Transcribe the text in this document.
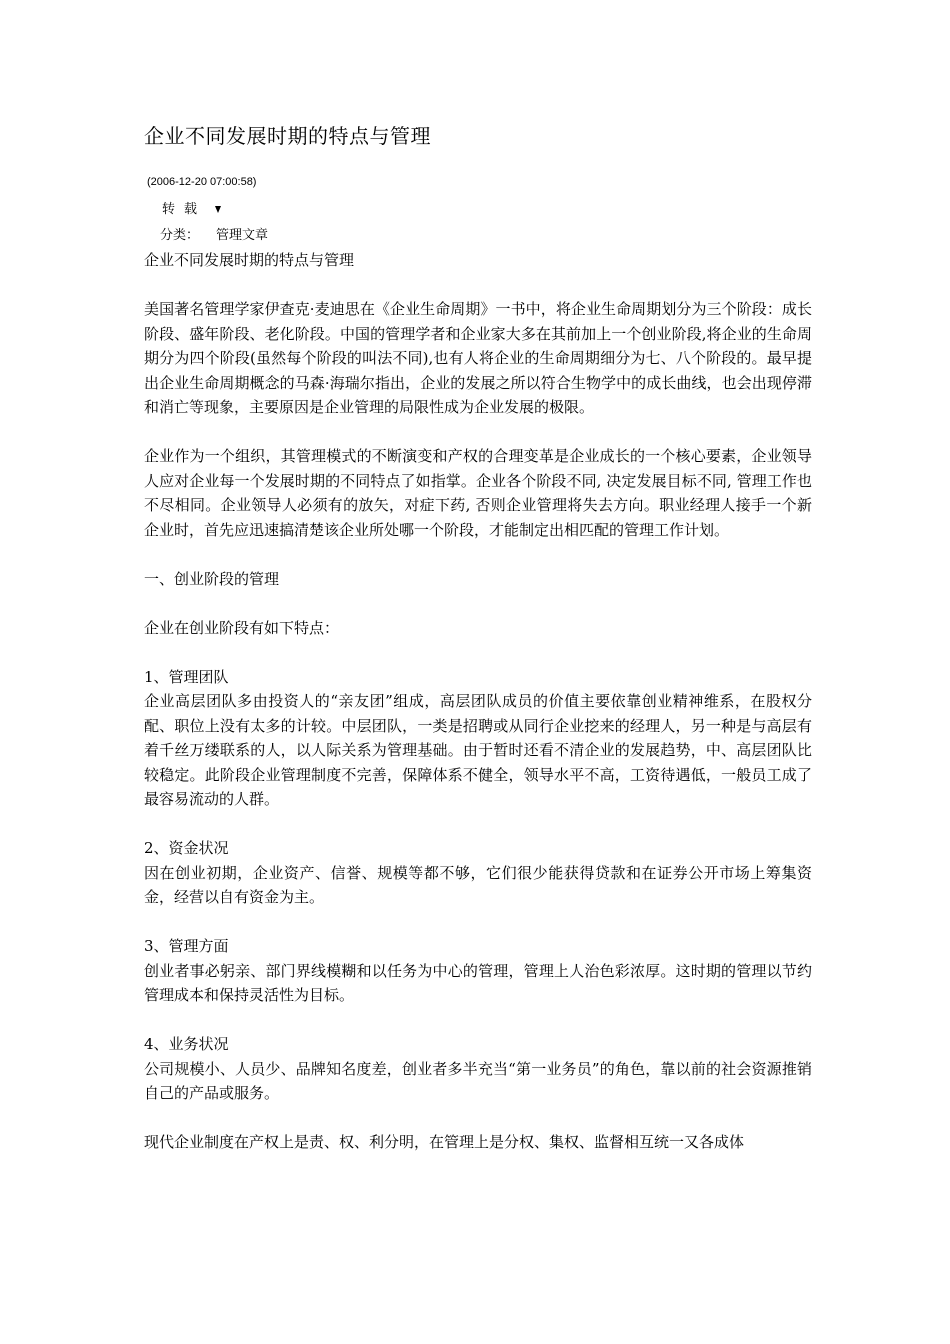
企业不同发展时期的特点与管理
(2006-12-20 07:00:58)
转载
分类： 管理文章

企业不同发展时期的特点与管理

美国著名管理学家伊查克·麦迪思在《企业生命周期》一书中，将企业生命周期划分为三个阶段：成长阶段、盛年阶段、老化阶段。中国的管理学者和企业家大多在其前加上一个创业阶段,将企业的生命周期分为四个阶段(虽然每个阶段的叫法不同),也有人将企业的生命周期细分为七、八个阶段的。最早提出企业生命周期概念的马森·海瑞尔指出，企业的发展之所以符合生物学中的成长曲线，也会出现停滞和消亡等现象，主要原因是企业管理的局限性成为企业发展的极限。

企业作为一个组织，其管理模式的不断演变和产权的合理变革是企业成长的一个核心要素，企业领导人应对企业每一个发展时期的不同特点了如指掌。企业各个阶段不同, 决定发展目标不同, 管理工作也不尽相同。企业领导人必须有的放矢，对症下药, 否则企业管理将失去方向。职业经理人接手一个新企业时，首先应迅速搞清楚该企业所处哪一个阶段，才能制定出相匹配的管理工作计划。

一、创业阶段的管理

企业在创业阶段有如下特点：

1、管理团队

企业高层团队多由投资人的“亲友团”组成，高层团队成员的价值主要依靠创业精神维系，在股权分配、职位上没有太多的计较。中层团队，一类是招聘或从同行企业挖来的经理人，另一种是与高层有着千丝万缕联系的人，以人际关系为管理基础。由于暂时还看不清企业的发展趋势，中、高层团队比较稳定。此阶段企业管理制度不完善，保障体系不健全，领导水平不高，工资待遇低，一般员工成了最容易流动的人群。

2、资金状况

因在创业初期，企业资产、信誉、规模等都不够，它们很少能获得贷款和在证券公开市场上筹集资金，经营以自有资金为主。

3、管理方面

创业者事必躬亲、部门界线模糊和以任务为中心的管理，管理上人治色彩浓厚。这时期的管理以节约管理成本和保持灵活性为目标。

4、业务状况

公司规模小、人员少、品牌知名度差，创业者多半充当“第一业务员”的角色，靠以前的社会资源推销自己的产品或服务。

现代企业制度在产权上是责、权、利分明，在管理上是分权、集权、监督相互统一又各成体
